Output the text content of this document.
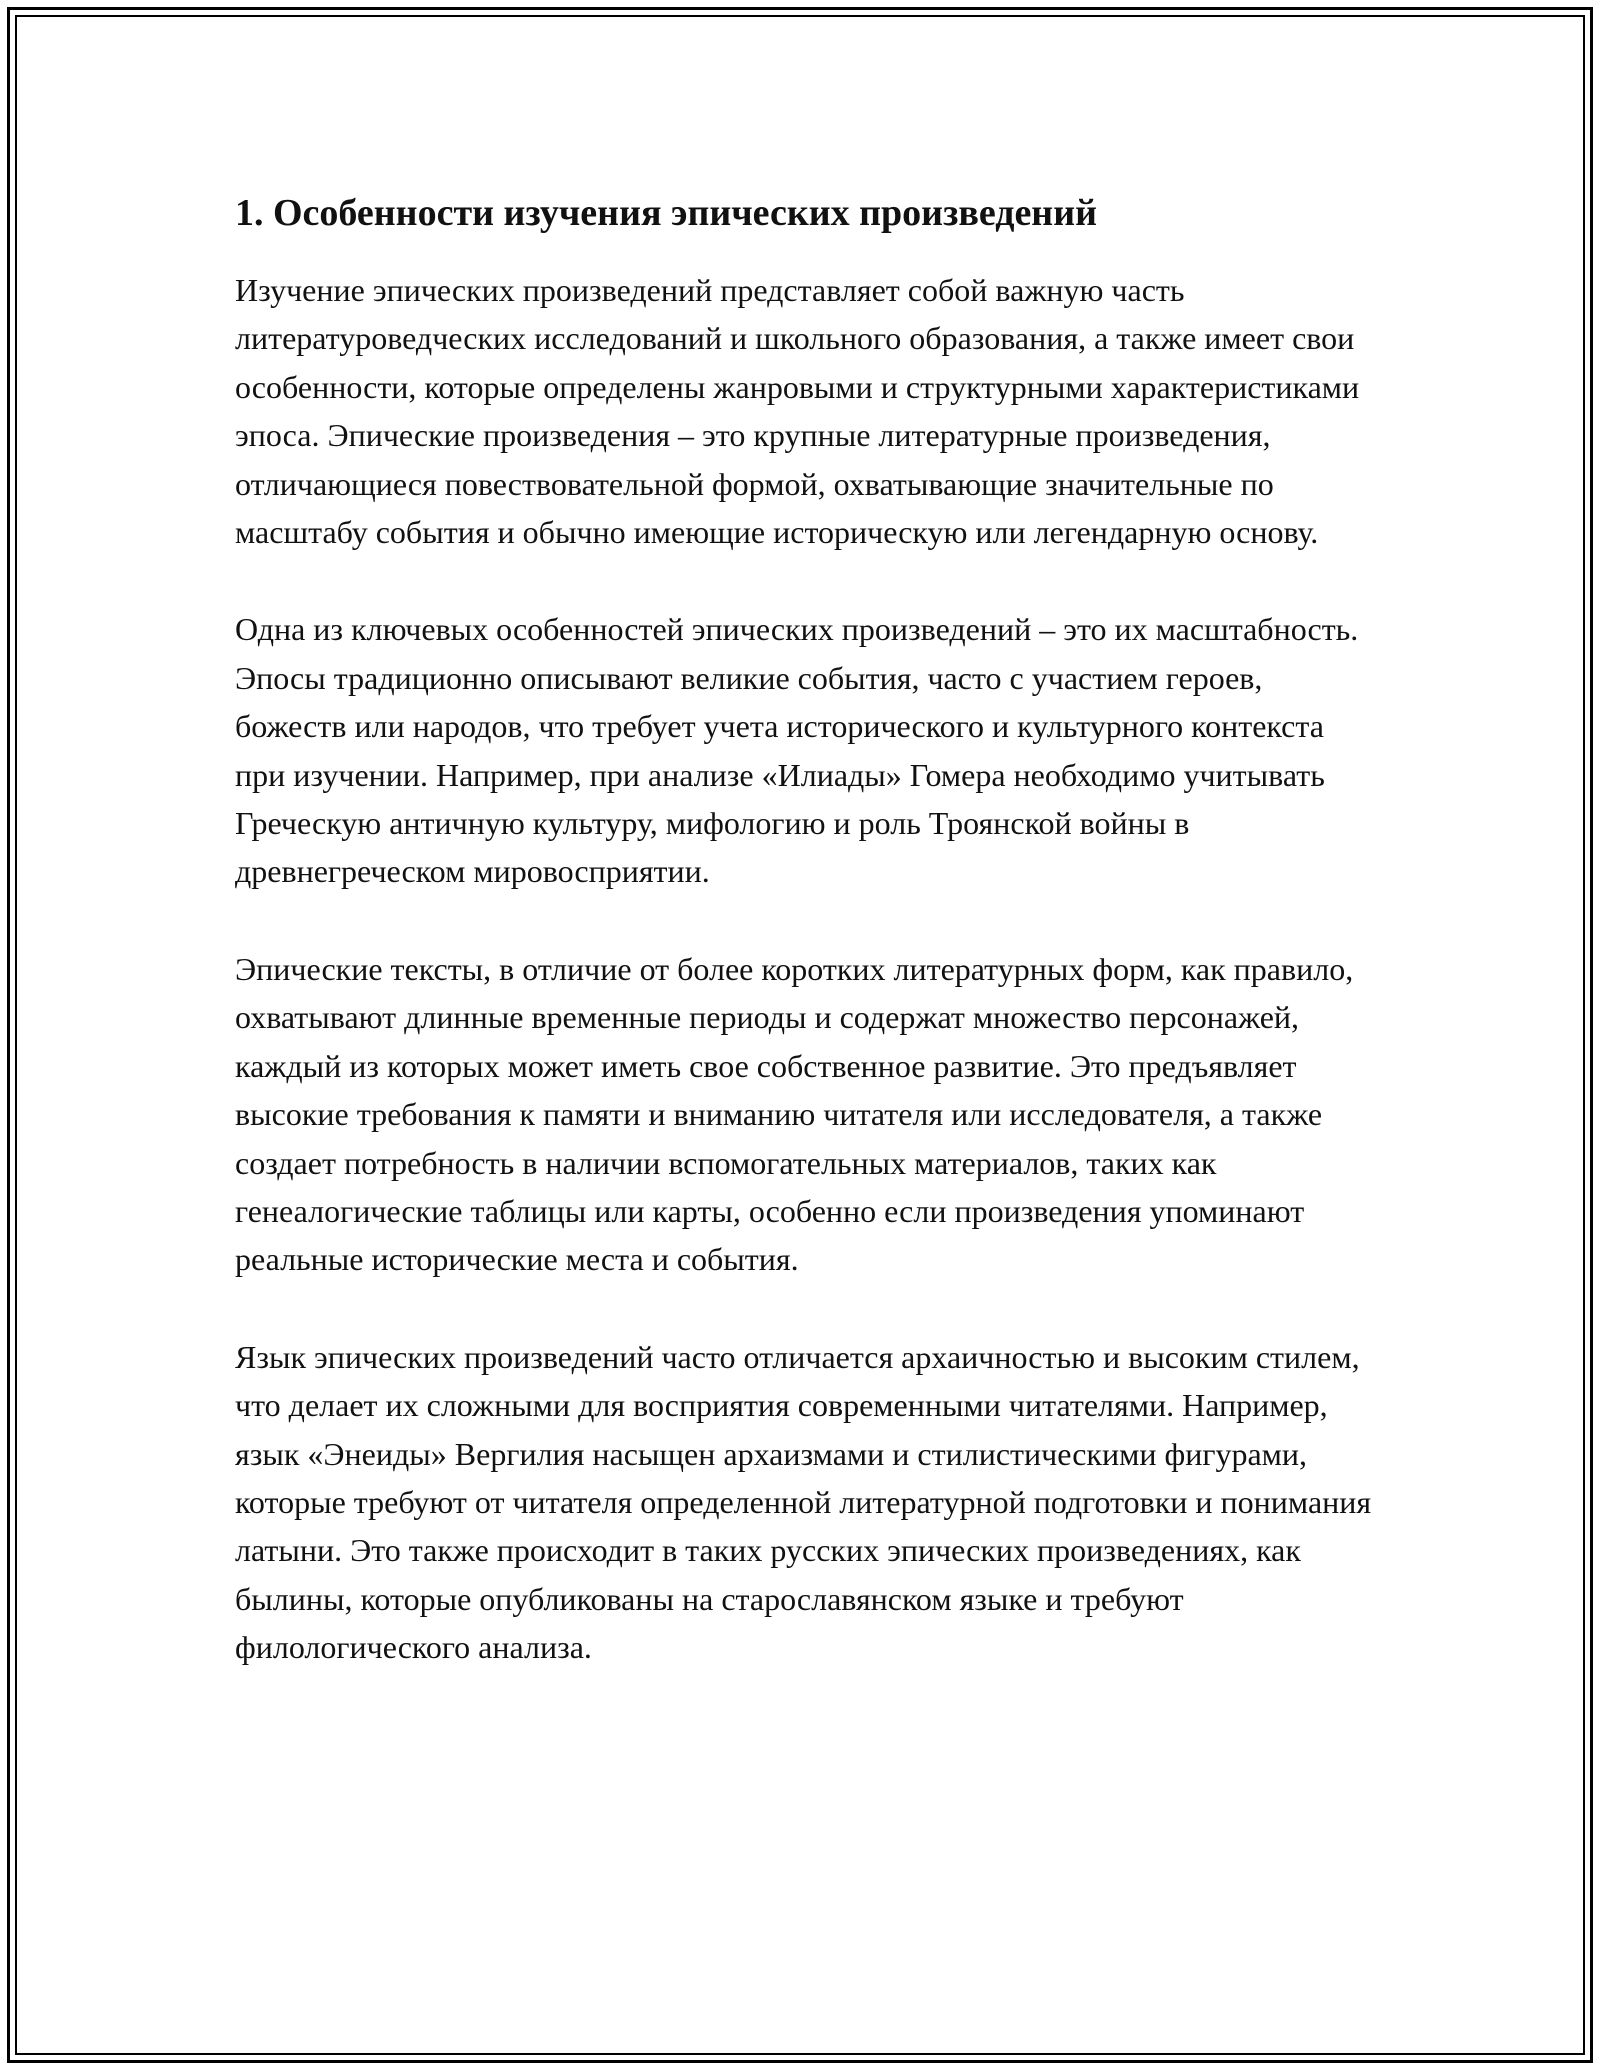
1. Особенности изучения эпических произведений

Изучение эпических произведений представляет собой важную часть литературоведческих исследований и школьного образования, а также имеет свои особенности, которые определены жанровыми и структурными характеристиками эпоса. Эпические произведения – это крупные литературные произведения, отличающиеся повествовательной формой, охватывающие значительные по масштабу события и обычно имеющие историческую или легендарную основу.

Одна из ключевых особенностей эпических произведений – это их масштабность. Эпосы традиционно описывают великие события, часто с участием героев, божеств или народов, что требует учета исторического и культурного контекста при изучении. Например, при анализе «Илиады» Гомера необходимо учитывать Греческую античную культуру, мифологию и роль Троянской войны в древнегреческом мировосприятии.

Эпические тексты, в отличие от более коротких литературных форм, как правило, охватывают длинные временные периоды и содержат множество персонажей, каждый из которых может иметь свое собственное развитие. Это предъявляет высокие требования к памяти и вниманию читателя или исследователя, а также создает потребность в наличии вспомогательных материалов, таких как генеалогические таблицы или карты, особенно если произведения упоминают реальные исторические места и события.

Язык эпических произведений часто отличается архаичностью и высоким стилем, что делает их сложными для восприятия современными читателями. Например, язык «Энеиды» Вергилия насыщен архаизмами и стилистическими фигурами, которые требуют от читателя определенной литературной подготовки и понимания латыни. Это также происходит в таких русских эпических произведениях, как былины, которые опубликованы на старославянском языке и требуют филологического анализа.
